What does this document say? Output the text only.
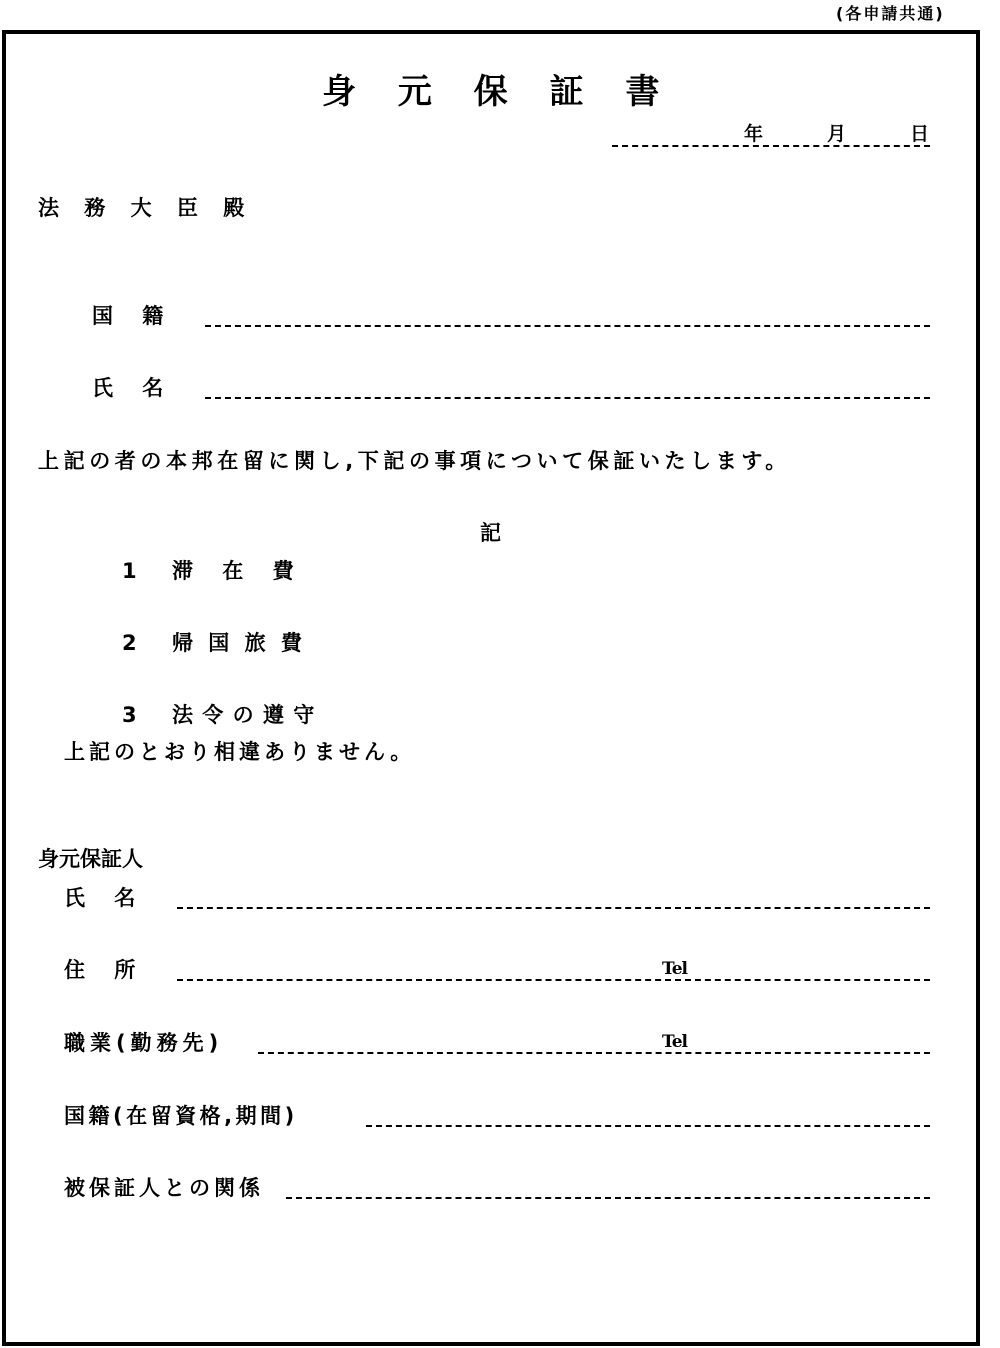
(各申請共通)
身 元 保 証 書
年	月	日
法 務 大 臣 殿
国 籍
氏 名
上記の者の本邦在留に関し,下記の事項について保証いたします。
記
1 滞 在 費
2 帰 国 旅 費
3 法 令 の 遵 守
上記のとおり相違ありません。
身元保証人
氏 名
住 所	Tel
職業(勤務先)	Tel
国籍(在留資格,期間)
被保証人との関係
